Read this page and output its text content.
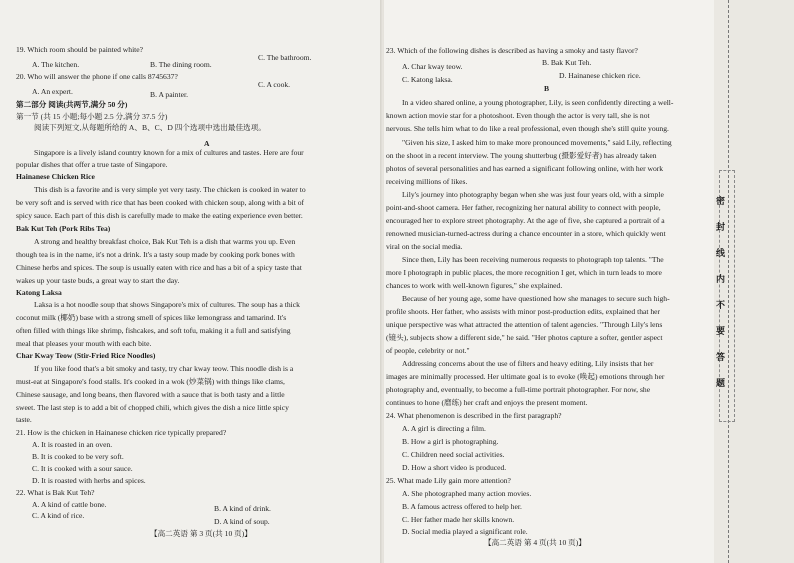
19. Which room should be painted white?
C. The bathroom.
A. The kitchen.	B. The dining room.
20. Who will answer the phone if one calls 8745637?
C. A cook.
A. An expert.	B. A painter.
第二部分 阅读(共两节,满分 50 分)
第一节 (共 15 小题;每小题 2.5 分,满分 37.5 分)
阅读下列短文,从每题所给的 A、B、C、D 四个选项中选出最佳选项。
A
Singapore is a lively island country known for a mix of cultures and tastes. Here are four
popular dishes that offer a true taste of Singapore.
Hainanese Chicken Rice
This dish is a favorite and is very simple yet very tasty. The chicken is cooked in water to
be very soft and is served with rice that has been cooked with chicken soup, along with a bit of
spicy sauce. Each part of this dish is carefully made to make the eating experience even better.
Bak Kut Teh (Pork Ribs Tea)
A strong and healthy breakfast choice, Bak Kut Teh is a dish that warms you up. Even
though tea is in the name, it's not a drink. It's a tasty soup made by cooking pork bones with
Chinese herbs and spices. The soup is usually eaten with rice and has a bit of a spicy taste that
wakes up your taste buds, a great way to start the day.
Katong Laksa
Laksa is a hot noodle soup that shows Singapore's mix of cultures. The soup has a thick
coconut milk (椰奶) base with a strong smell of spices like lemongrass and tamarind. It's
often filled with things like shrimp, fishcakes, and soft tofu, making it a full and satisfying
meal that pleases your mouth with each bite.
Char Kway Teow (Stir-Fried Rice Noodles)
If you like food that's a bit smoky and tasty, try char kway teow. This noodle dish is a
must-eat at Singapore's food stalls. It's cooked in a wok (炒菜锅) with things like clams,
Chinese sausage, and long beans, then flavored with a sauce that is both tasty and a little
sweet. The last step is to add a bit of chopped chili, which gives the dish a nice little spicy
taste.
21. How is the chicken in Hainanese chicken rice typically prepared?
A. It is roasted in an oven.
B. It is cooked to be very soft.
C. It is cooked with a sour sauce.
D. It is roasted with herbs and spices.
22. What is Bak Kut Teh?
A. A kind of cattle bone.	B. A kind of drink.
C. A kind of rice.
D. A kind of soup.
【高二英语 第 3 页(共 10 页)】
23. Which of the following dishes is described as having a smoky and tasty flavor?
A. Char kway teow.	B. Bak Kut Teh.
C. Katong laksa.	D. Hainanese chicken rice.
B
In a video shared online, a young photographer, Lily, is seen confidently directing a well-
known action movie star for a photoshoot. Even though the actor is very tall, she is not
nervous. She tells him what to do like a real professional, even though she's still quite young.
"Given his size, I asked him to make more pronounced movements," said Lily, reflecting
on the shoot in a recent interview. The young shutterbug (摄影爱好者) has already taken
photos of several personalities and has earned a significant following online, with her work
receiving millions of likes.
Lily's journey into photography began when she was just four years old, with a simple
point-and-shoot camera. Her father, recognizing her natural ability to connect with people,
encouraged her to explore street photography. At the age of five, she captured a portrait of a
renowned musician-turned-actress during a chance encounter in a store, which quickly went
viral on the social media.
Since then, Lily has been receiving numerous requests to photograph top talents. "The
more I photograph in public places, the more recognition I get, which in turn leads to more
chances to work with well-known figures," she explained.
Because of her young age, some have questioned how she manages to secure such high-
profile shoots. Her father, who assists with minor post-production edits, explained that her
unique perspective was what attracted the attention of talent agencies. "Through Lily's lens
(镜头), subjects show a different side," he said. "Her photos capture a softer, gentler aspect
of people, celebrity or not."
Addressing concerns about the use of filters and heavy editing, Lily insists that her
images are minimally processed. Her ultimate goal is to evoke (唤起) emotions through her
photography and, eventually, to become a full-time portrait photographer. For now, she
continues to hone (磨练) her craft and enjoys the present moment.
24. What phenomenon is described in the first paragraph?
A. A girl is directing a film.
B. How a girl is photographing.
C. Children need social activities.
D. How a short video is produced.
25. What made Lily gain more attention?
A. She photographed many action movies.
B. A famous actress offered to help her.
C. Her father made her skills known.
D. Social media played a significant role.
【高二英语 第 4 页(共 10 页)】
密
封
线
内
不
要
答
题
